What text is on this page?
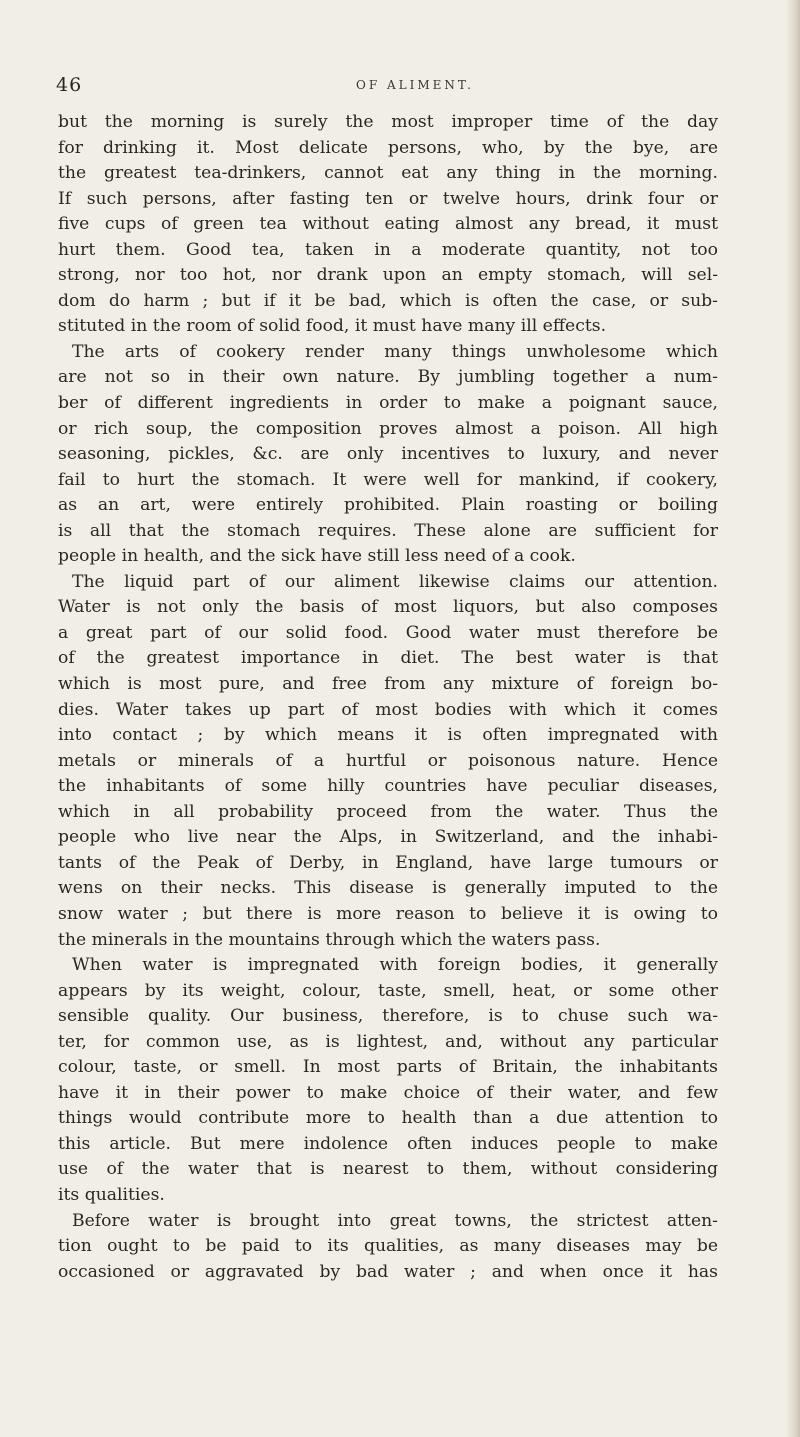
46	OF ALIMENT.
but the morning is surely the most improper time of the day
for drinking it. Most delicate persons, who, by the bye, are
the greatest tea-drinkers, cannot eat any thing in the morning.
If such persons, after fasting ten or twelve hours, drink four or
five cups of green tea without eating almost any bread, it must
hurt them. Good tea, taken in a moderate quantity, not too
strong, nor too hot, nor drank upon an empty stomach, will sel-
dom do harm ; but if it be bad, which is often the case, or sub-
stituted in the room of solid food, it must have many ill effects.
The arts of cookery render many things unwholesome which
are not so in their own nature. By jumbling together a num-
ber of different ingredients in order to make a poignant sauce,
or rich soup, the composition proves almost a poison. All high
seasoning, pickles, &c. are only incentives to luxury, and never
fail to hurt the stomach. It were well for mankind, if cookery,
as an art, were entirely prohibited. Plain roasting or boiling
is all that the stomach requires. These alone are sufficient for
people in health, and the sick have still less need of a cook.
The liquid part of our aliment likewise claims our attention.
Water is not only the basis of most liquors, but also composes
a great part of our solid food. Good water must therefore be
of the greatest importance in diet. The best water is that
which is most pure, and free from any mixture of foreign bo-
dies. Water takes up part of most bodies with which it comes
into contact ; by which means it is often impregnated with
metals or minerals of a hurtful or poisonous nature. Hence
the inhabitants of some hilly countries have peculiar diseases,
which in all probability proceed from the water. Thus the
people who live near the Alps, in Switzerland, and the inhabi-
tants of the Peak of Derby, in England, have large tumours or
wens on their necks. This disease is generally imputed to the
snow water ; but there is more reason to believe it is owing to
the minerals in the mountains through which the waters pass.
When water is impregnated with foreign bodies, it generally
appears by its weight, colour, taste, smell, heat, or some other
sensible quality. Our business, therefore, is to chuse such wa-
ter, for common use, as is lightest, and, without any particular
colour, taste, or smell. In most parts of Britain, the inhabitants
have it in their power to make choice of their water, and few
things would contribute more to health than a due attention to
this article. But mere indolence often induces people to make
use of the water that is nearest to them, without considering
its qualities.
Before water is brought into great towns, the strictest atten-
tion ought to be paid to its qualities, as many diseases may be
occasioned or aggravated by bad water ; and when once it has
